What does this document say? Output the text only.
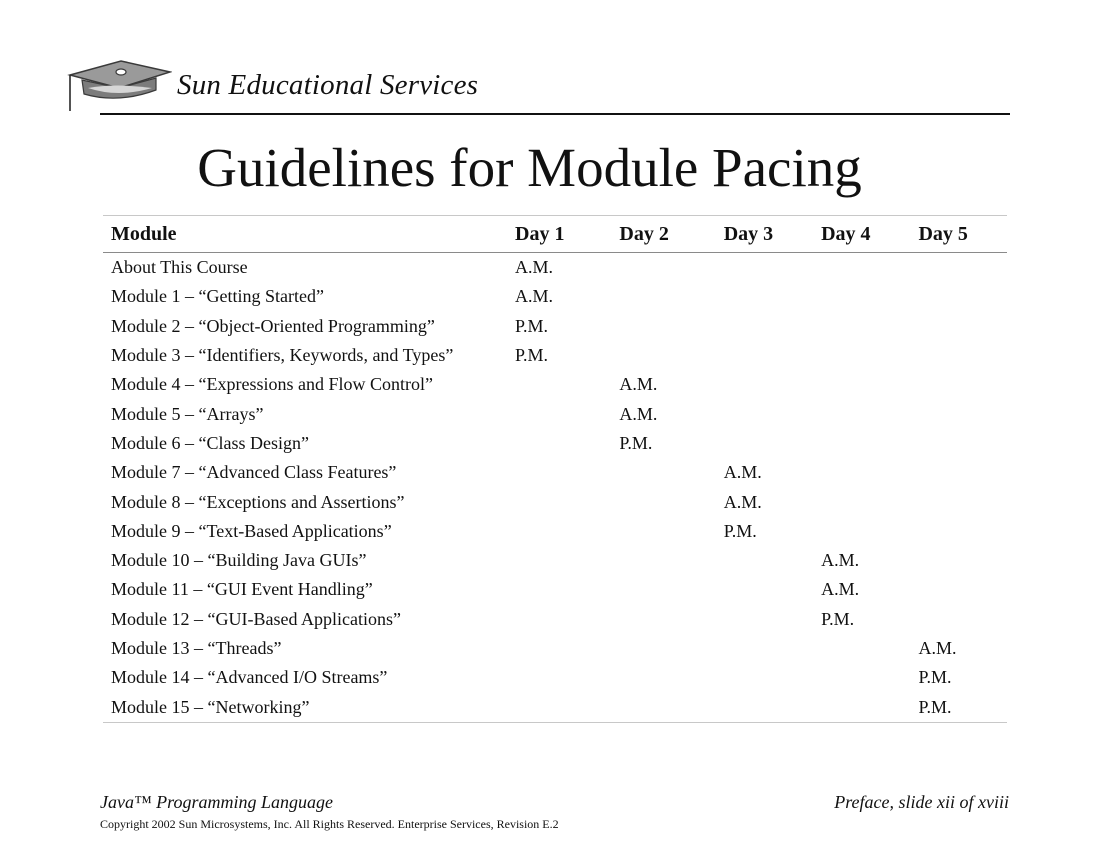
Sun Educational Services
Guidelines for Module Pacing
Module	Day 1	Day 2	Day 3	Day 4	Day 5
About This Course	A.M.				
Module 1 – “Getting Started”	A.M.				
Module 2 – “Object-Oriented Programming”	P.M.				
Module 3 – “Identifiers, Keywords, and Types”	P.M.				
Module 4 – “Expressions and Flow Control”		A.M.			
Module 5 – “Arrays”		A.M.			
Module 6 – “Class Design”		P.M.			
Module 7 – “Advanced Class Features”			A.M.		
Module 8 – “Exceptions and Assertions”			A.M.		
Module 9 – “Text-Based Applications”			P.M.		
Module 10 – “Building Java GUIs”				A.M.	
Module 11 – “GUI Event Handling”				A.M.	
Module 12 – “GUI-Based Applications”				P.M.	
Module 13 – “Threads”					A.M.
Module 14 – “Advanced I/O Streams”					P.M.
Module 15 – “Networking”					P.M.
Java™ Programming Language
Copyright 2002 Sun Microsystems, Inc. All Rights Reserved. Enterprise Services, Revision E.2
Preface, slide xii of xviii
